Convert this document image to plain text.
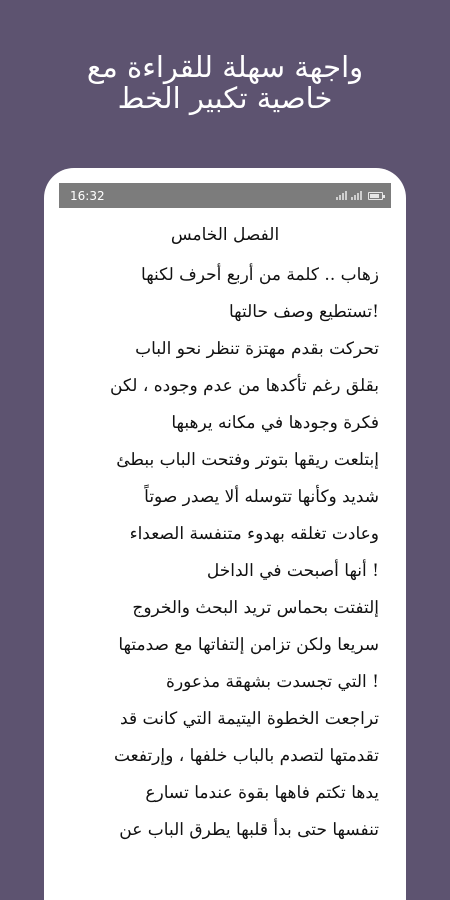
واجهة سهلة للقراءة مع
خاصية تكبير الخط
16:32
الفصل الخامس
زهاب .. كلمة من أربع أحرف لكنها
!تستطيع وصف حالتها
تحركت بقدم مهتزة تنظر نحو الباب
بقلق رغم تأكدها من عدم وجوده ، لكن
فكرة وجودها في مكانه يرهبها
إبتلعت ريقها بتوتر وفتحت الباب ببطئ
شديد وكأنها تتوسله ألا يصدر صوتاً
وعادت تغلقه بهدوء متنفسة الصعداء
! أنها أصبحت في الداخل
إلتفتت بحماس تريد البحث والخروج
سريعا ولكن تزامن إلتفاتها مع صدمتها
! التي تجسدت بشهقة مذعورة
تراجعت الخطوة اليتيمة التي كانت قد
تقدمتها لتصدم بالباب خلفها ، وإرتفعت
يدها تكتم فاهها بقوة عندما تسارع
تنفسها حتى بدأ قلبها يطرق الباب عن
